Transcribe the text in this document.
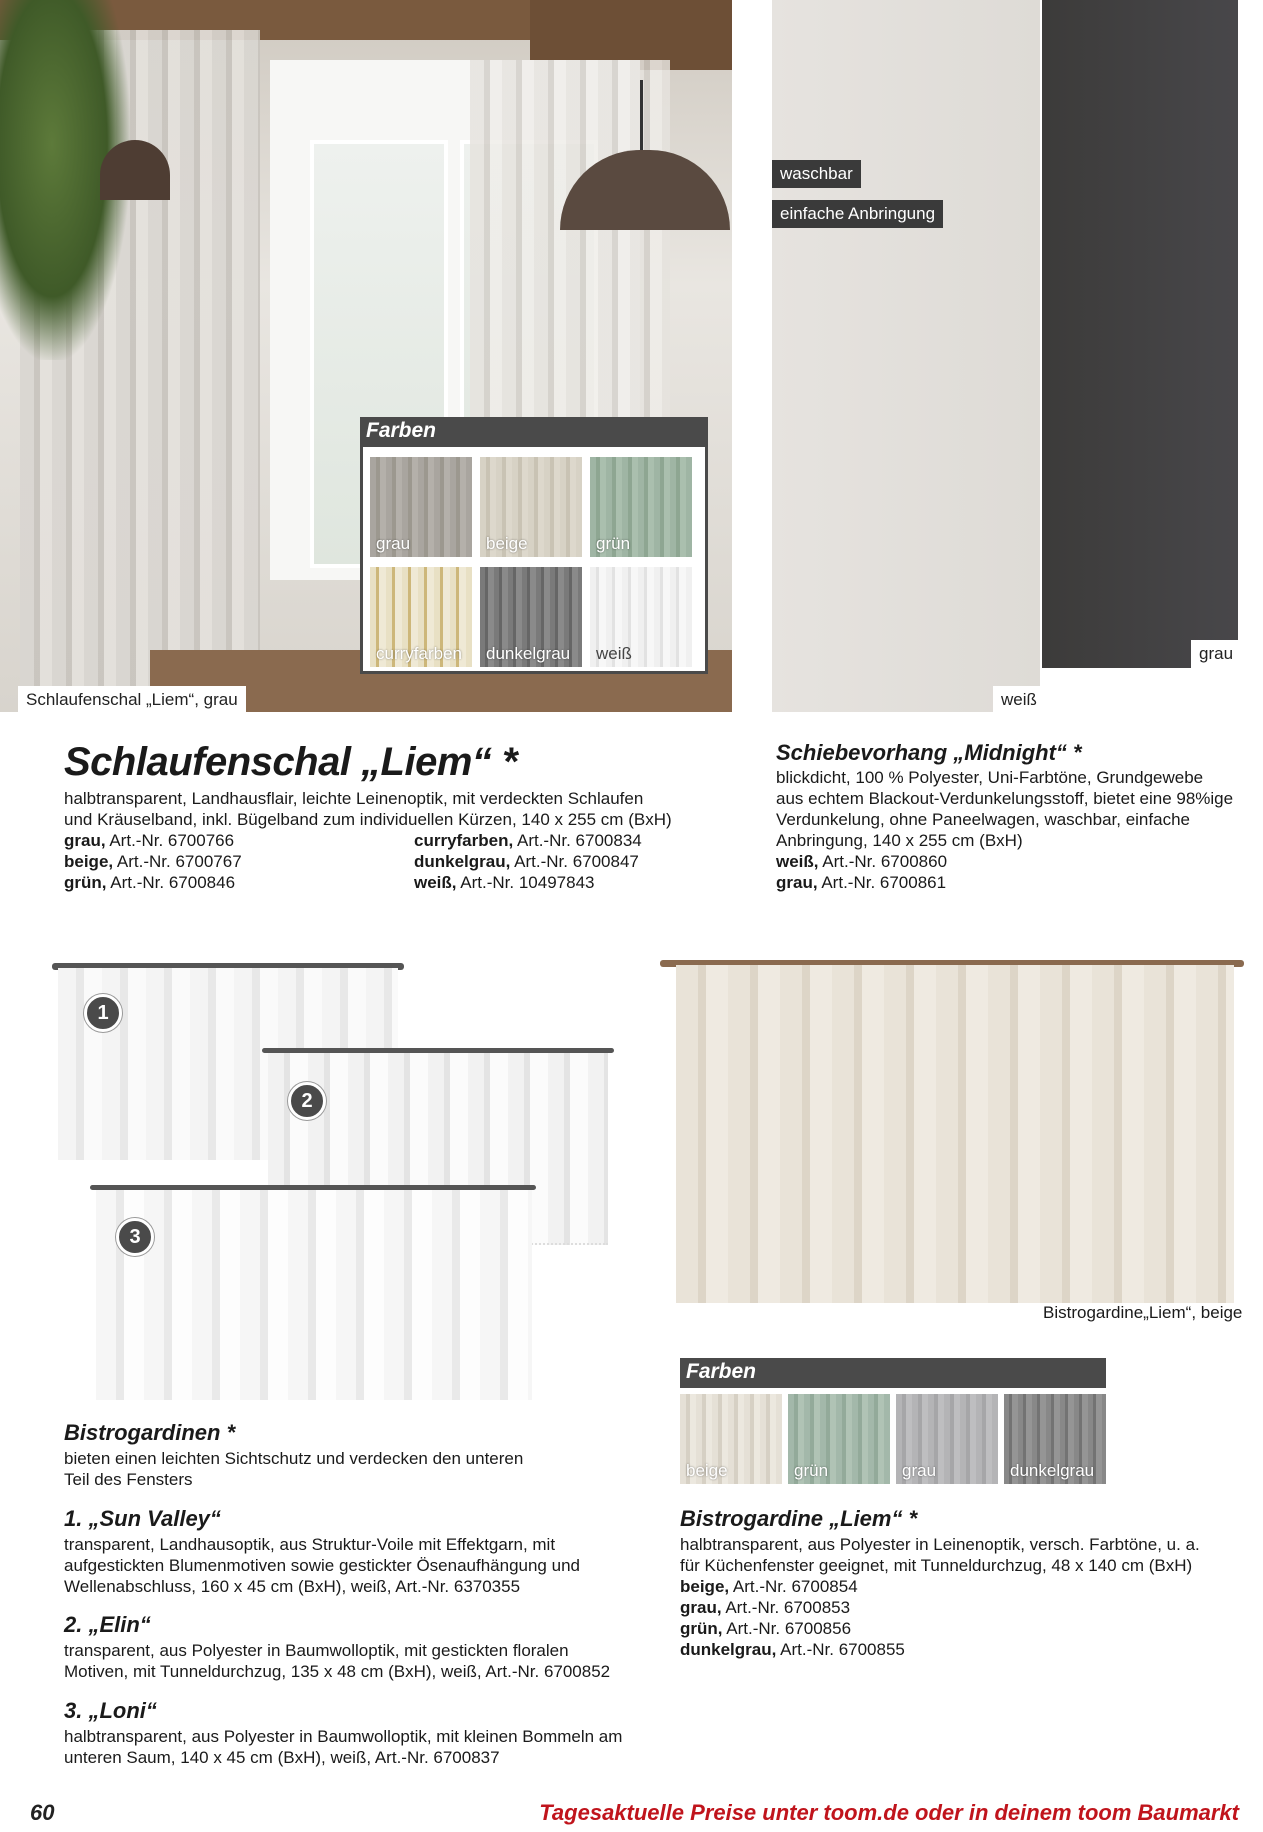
Schlaufenschal „Liem“, grau
Farben
grau	beige	grün
curryfarben dunkelgrau weiß
waschbar
einfache Anbringung
grau
weiß
Schlaufenschal „Liem“ *
halbtransparent, Landhausflair, leichte Leinenoptik, mit verdeckten Schlaufen
und Kräuselband, inkl. Bügelband zum individuellen Kürzen, 140 x 255 cm (BxH)
grau, Art.-Nr. 6700766
beige, Art.-Nr. 6700767
grün, Art.-Nr. 6700846
curryfarben, Art.-Nr. 6700834
dunkelgrau, Art.-Nr. 6700847
weiß, Art.-Nr. 10497843
Schiebevorhang „Midnight“ *
blickdicht, 100 % Polyester, Uni-Farbtöne, Grundgewebe
aus echtem Blackout-Verdunkelungsstoff, bietet eine 98%ige
Verdunkelung, ohne Paneelwagen, waschbar, einfache
Anbringung, 140 x 255 cm (BxH)
weiß, Art.-Nr. 6700860
grau, Art.-Nr. 6700861
1
2
3
Bistrogardine„Liem“, beige
Farben
beige	grün	grau	dunkelgrau
Bistrogardinen *
bieten einen leichten Sichtschutz und verdecken den unteren
Teil des Fensters
1. „Sun Valley“
transparent, Landhausoptik, aus Struktur-Voile mit Effektgarn, mit
aufgestickten Blumenmotiven sowie gestickter Ösenaufhängung und
Wellenabschluss, 160 x 45 cm (BxH), weiß, Art.-Nr. 6370355
2. „Elin“
transparent, aus Polyester in Baumwolloptik, mit gestickten floralen
Motiven, mit Tunneldurchzug, 135 x 48 cm (BxH), weiß, Art.-Nr. 6700852
3. „Loni“
halbtransparent, aus Polyester in Baumwolloptik, mit kleinen Bommeln am
unteren Saum, 140 x 45 cm (BxH), weiß, Art.-Nr. 6700837
Bistrogardine „Liem“ *
halbtransparent, aus Polyester in Leinenoptik, versch. Farbtöne, u. a.
für Küchenfenster geeignet, mit Tunneldurchzug, 48 x 140 cm (BxH)
beige, Art.-Nr. 6700854
grau, Art.-Nr. 6700853
grün, Art.-Nr. 6700856
dunkelgrau, Art.-Nr. 6700855
60	Tagesaktuelle Preise unter toom.de oder in deinem toom Baumarkt
